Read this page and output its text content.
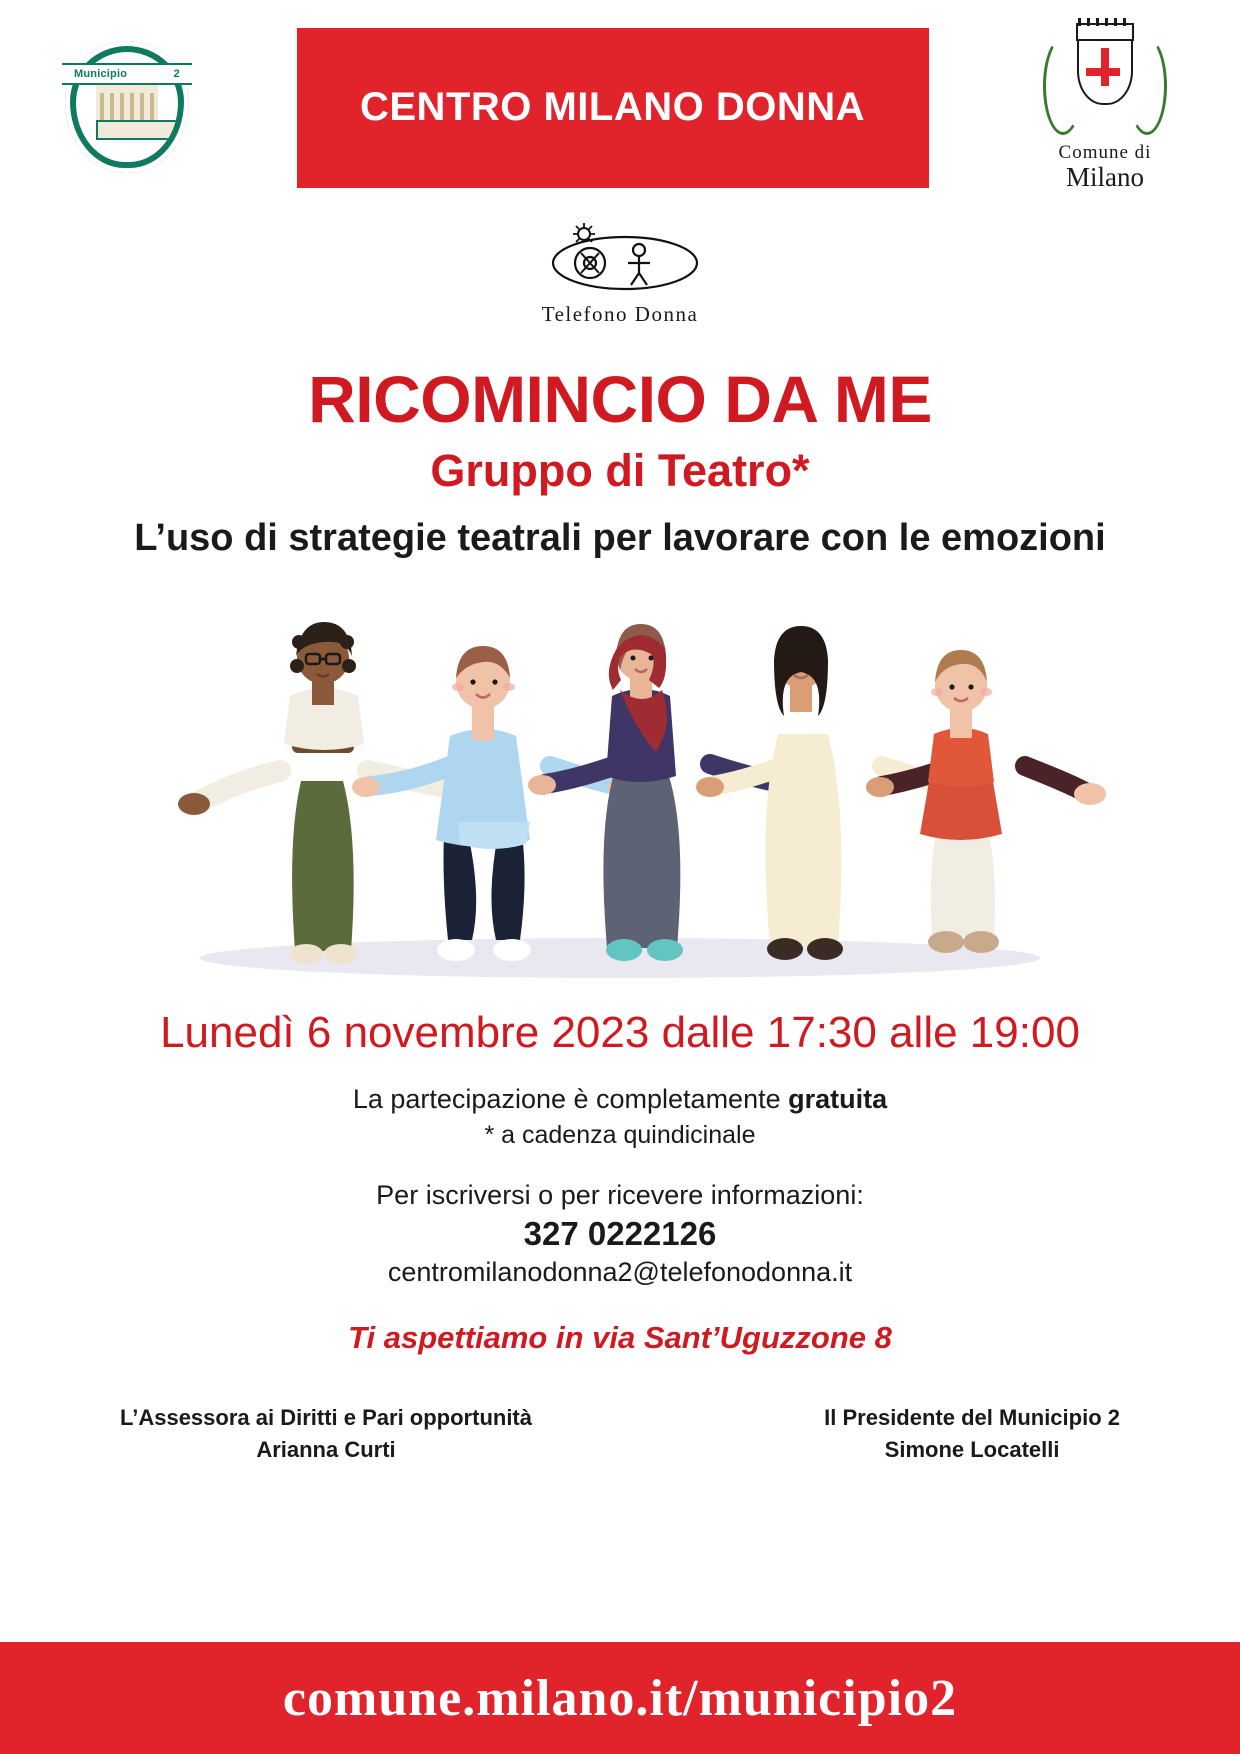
Municipio	2
CENTRO MILANO DONNA
Comune di
Milano
Telefono Donna
RICOMINCIO DA ME
Gruppo di Teatro*
L’uso di strategie teatrali per lavorare con le emozioni
Lunedì 6 novembre 2023 dalle 17:30 alle 19:00
La partecipazione è completamente gratuita
* a cadenza quindicinale
Per iscriversi o per ricevere informazioni:
327 0222126
centromilanodonna2@telefonodonna.it
Ti aspettiamo in via Sant’Uguzzone 8
L’Assessora ai Diritti e Pari opportunità
Arianna Curti
Il Presidente del Municipio 2
Simone Locatelli
comune.milano.it/municipio2
